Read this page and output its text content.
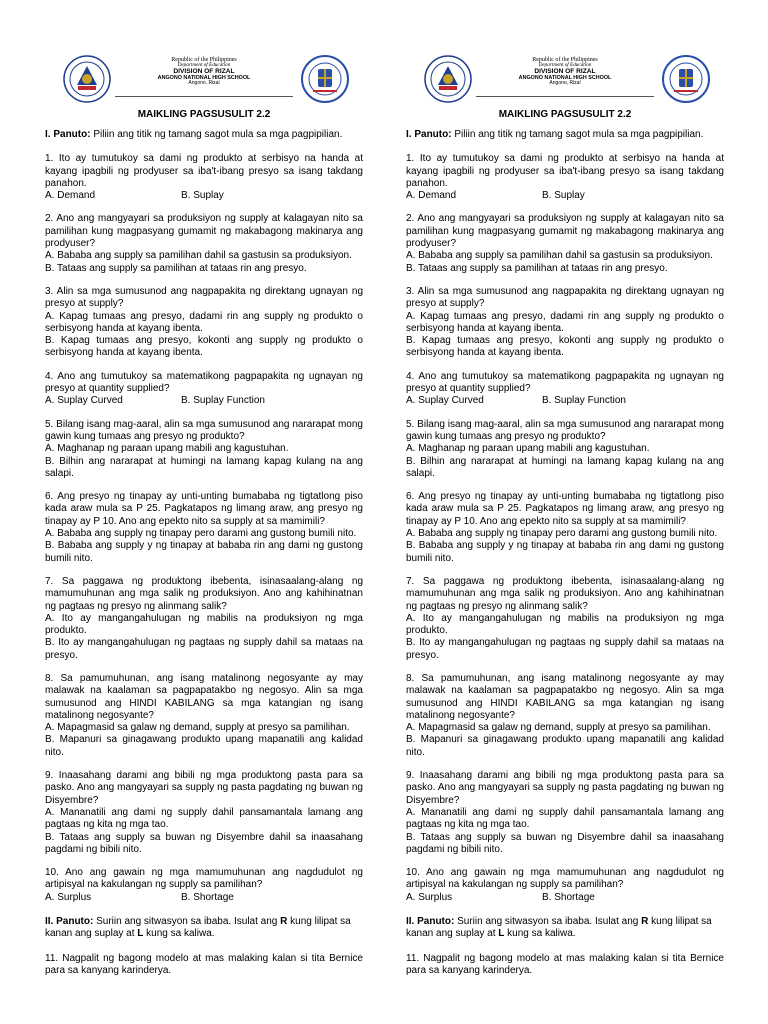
Republic of the Philippines
Department of Education
DIVISION OF RIZAL
ANGONO NATIONAL HIGH SCHOOL
Angono, Rizal
MAIKLING PAGSUSULIT 2.2
I. Panuto: Piliin ang titik ng tamang sagot mula sa mga pagpipilian.

1. Ito ay tumutukoy sa dami ng produkto at serbisyo na handa at kayang ipagbili ng prodyuser sa iba't-ibang presyo sa isang takdang panahon.

A. Demand	B. Suplay

2. Ano ang mangyayari sa produksiyon ng supply at kalagayan nito sa pamilihan kung magpasyang gumamit ng makabagong makinarya ang prodyuser?

A. Bababa ang supply sa pamilihan dahil sa gastusin sa produksiyon.

B. Tataas ang supply sa pamilihan at tataas rin ang presyo.

3. Alin sa mga sumusunod ang nagpapakita ng direktang ugnayan ng presyo at supply?

A. Kapag tumaas ang presyo, dadami rin ang supply ng produkto o serbisyong handa at kayang ibenta.

B. Kapag tumaas ang presyo, kokonti ang supply ng produkto o serbisyong handa at kayang ibenta.

4. Ano ang tumutukoy sa matematikong pagpapakita ng ugnayan ng presyo at quantity supplied?

A. Suplay Curved	B. Suplay Function

5. Bilang isang mag-aaral, alin sa mga sumusunod ang nararapat mong gawin kung tumaas ang presyo ng produkto?

A. Maghanap ng paraan upang mabili ang kagustuhan.

B. Bilhin ang nararapat at humingi na lamang kapag kulang na ang salapi.

6. Ang presyo ng tinapay ay unti-unting bumababa ng tigtatlong piso kada araw mula sa P 25. Pagkatapos ng limang araw, ang presyo ng tinapay ay P 10. Ano ang epekto nito sa supply at sa mamimili?

A. Bababa ang supply ng tinapay pero darami ang gustong bumili nito.

B. Bababa ang supply y ng tinapay at bababa rin ang dami ng gustong bumili nito.

7. Sa paggawa ng produktong ibebenta, isinasaalang-alang ng mamumuhunan ang mga salik ng produksiyon. Ano ang kahihinatnan ng pagtaas ng presyo ng alinmang salik?

A. Ito ay mangangahulugan ng mabilis na produksiyon ng mga produkto.

B. Ito ay mangangahulugan ng pagtaas ng supply dahil sa mataas na presyo.

8. Sa pamumuhunan, ang isang matalinong negosyante ay may malawak na kaalaman sa pagpapatakbo ng negosyo. Alin sa mga sumusunod ang HINDI KABILANG sa mga katangian ng isang matalinong negosyante?

A. Mapagmasid sa galaw ng demand, supply at presyo sa pamilihan.

B. Mapanuri sa ginagawang produkto upang mapanatili ang kalidad nito.

9. Inaasahang darami ang bibili ng mga produktong pasta para sa pasko. Ano ang mangyayari sa supply ng pasta pagdating ng buwan ng Disyembre?

A. Mananatili ang dami ng supply dahil pansamantala lamang ang pagtaas ng kita ng mga tao.

B. Tataas ang supply sa buwan ng Disyembre dahil sa inaasahang pagdami ng bibili nito.

10. Ano ang gawain ng mga mamumuhunan ang nagdudulot ng artipisyal na kakulangan ng supply sa pamilihan?

A. Surplus	B. Shortage
II. Panuto: Suriin ang sitwasyon sa ibaba. Isulat ang R kung lilipat sa kanan ang suplay at L kung sa kaliwa.
11. Nagpalit ng bagong modelo at mas malaking kalan si tita Bernice para sa kanyang karinderya.
Republic of the Philippines
Department of Education
DIVISION OF RIZAL
ANGONO NATIONAL HIGH SCHOOL
Angono, Rizal
MAIKLING PAGSUSULIT 2.2
I. Panuto: Piliin ang titik ng tamang sagot mula sa mga pagpipilian.

1. Ito ay tumutukoy sa dami ng produkto at serbisyo na handa at kayang ipagbili ng prodyuser sa iba't-ibang presyo sa isang takdang panahon.

A. Demand	B. Suplay

2. Ano ang mangyayari sa produksiyon ng supply at kalagayan nito sa pamilihan kung magpasyang gumamit ng makabagong makinarya ang prodyuser?

A. Bababa ang supply sa pamilihan dahil sa gastusin sa produksiyon.

B. Tataas ang supply sa pamilihan at tataas rin ang presyo.

3. Alin sa mga sumusunod ang nagpapakita ng direktang ugnayan ng presyo at supply?

A. Kapag tumaas ang presyo, dadami rin ang supply ng produkto o serbisyong handa at kayang ibenta.

B. Kapag tumaas ang presyo, kokonti ang supply ng produkto o serbisyong handa at kayang ibenta.

4. Ano ang tumutukoy sa matematikong pagpapakita ng ugnayan ng presyo at quantity supplied?

A. Suplay Curved	B. Suplay Function

5. Bilang isang mag-aaral, alin sa mga sumusunod ang nararapat mong gawin kung tumaas ang presyo ng produkto?

A. Maghanap ng paraan upang mabili ang kagustuhan.

B. Bilhin ang nararapat at humingi na lamang kapag kulang na ang salapi.

6. Ang presyo ng tinapay ay unti-unting bumababa ng tigtatlong piso kada araw mula sa P 25. Pagkatapos ng limang araw, ang presyo ng tinapay ay P 10. Ano ang epekto nito sa supply at sa mamimili?

A. Bababa ang supply ng tinapay pero darami ang gustong bumili nito.

B. Bababa ang supply y ng tinapay at bababa rin ang dami ng gustong bumili nito.

7. Sa paggawa ng produktong ibebenta, isinasaalang-alang ng mamumuhunan ang mga salik ng produksiyon. Ano ang kahihinatnan ng pagtaas ng presyo ng alinmang salik?

A. Ito ay mangangahulugan ng mabilis na produksiyon ng mga produkto.

B. Ito ay mangangahulugan ng pagtaas ng supply dahil sa mataas na presyo.

8. Sa pamumuhunan, ang isang matalinong negosyante ay may malawak na kaalaman sa pagpapatakbo ng negosyo. Alin sa mga sumusunod ang HINDI KABILANG sa mga katangian ng isang matalinong negosyante?

A. Mapagmasid sa galaw ng demand, supply at presyo sa pamilihan.

B. Mapanuri sa ginagawang produkto upang mapanatili ang kalidad nito.

9. Inaasahang darami ang bibili ng mga produktong pasta para sa pasko. Ano ang mangyayari sa supply ng pasta pagdating ng buwan ng Disyembre?

A. Mananatili ang dami ng supply dahil pansamantala lamang ang pagtaas ng kita ng mga tao.

B. Tataas ang supply sa buwan ng Disyembre dahil sa inaasahang pagdami ng bibili nito.

10. Ano ang gawain ng mga mamumuhunan ang nagdudulot ng artipisyal na kakulangan ng supply sa pamilihan?

A. Surplus	B. Shortage
II. Panuto: Suriin ang sitwasyon sa ibaba. Isulat ang R kung lilipat sa kanan ang suplay at L kung sa kaliwa.
11. Nagpalit ng bagong modelo at mas malaking kalan si tita Bernice para sa kanyang karinderya.
